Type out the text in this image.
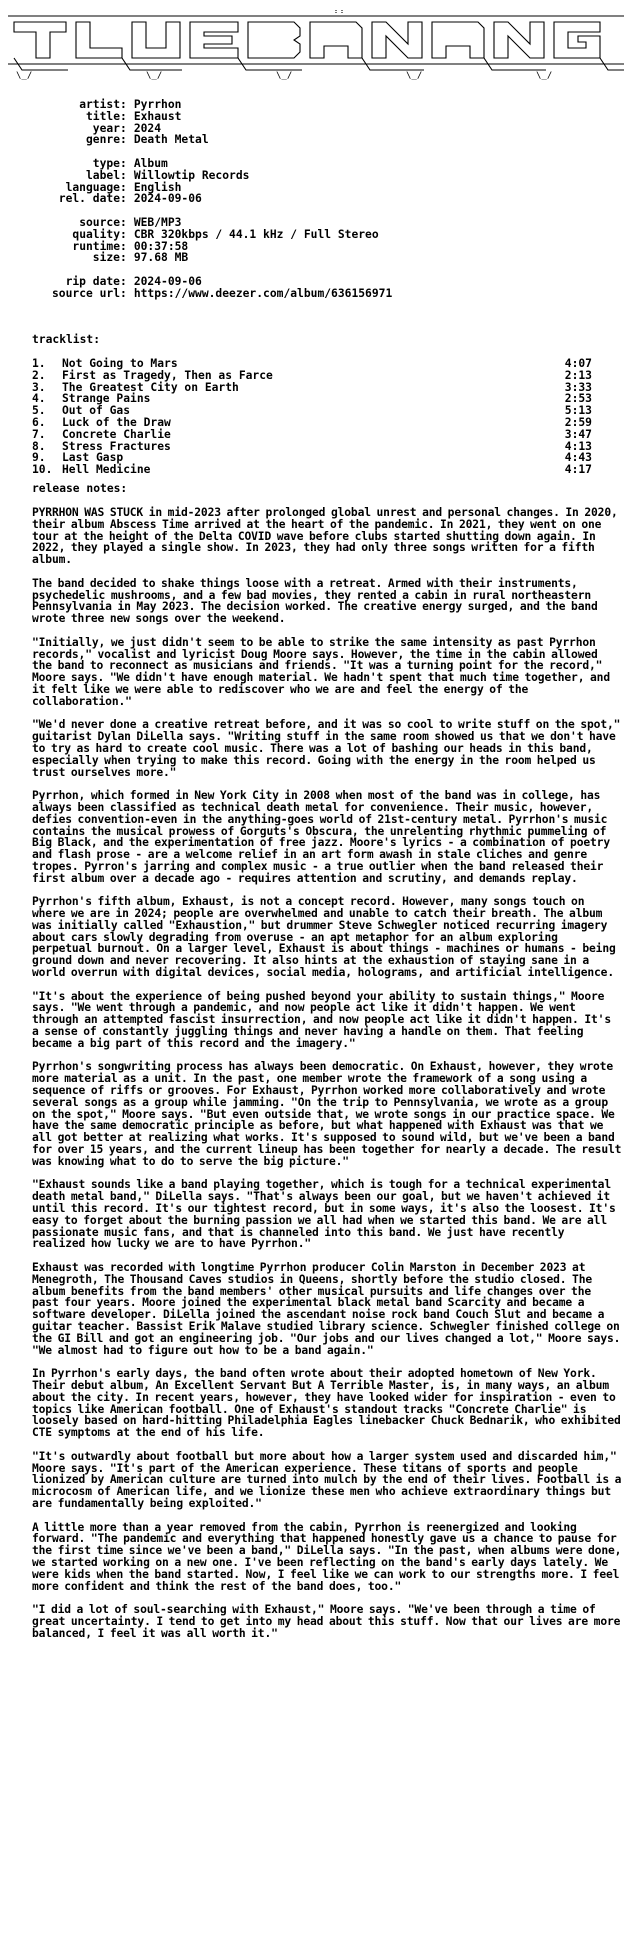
\_/	\_/	\_/	\_/	\_/
artist : Pyrrhon
title : Exhaust
year : 2024
genre : Death Metal
type : Album
label : Willowtip Records
language : English
rel. date : 2024-09-06
source : WEB/MP3
quality : CBR 320kbps / 44.1 kHz / Full Stereo
runtime : 00:37:58
size : 97.68 MB
rip date : 2024-09-06
source url : https://www.deezer.com/album/636156971
tracklist:
1.	Not Going to Mars	4:07
2.	First as Tragedy, Then as Farce	2:13
3.	The Greatest City on Earth	3:33
4.	Strange Pains	2:53
5.	Out of Gas	5:13
6.	Luck of the Draw	2:59
7.	Concrete Charlie	3:47
8.	Stress Fractures	4:13
9.	Last Gasp	4:43
10. Hell Medicine	4:17
release notes:

PYRRHON WAS STUCK in mid-2023 after prolonged global unrest and personal changes. In 2020, their album Abscess Time arrived at the heart of the pandemic. In 2021, they went on one tour at the height of the Delta COVID wave before clubs started shutting down again. In 2022, they played a single show. In 2023, they had only three songs written for a fifth album.

The band decided to shake things loose with a retreat. Armed with their instruments, psychedelic mushrooms, and a few bad movies, they rented a cabin in rural northeastern Pennsylvania in May 2023. The decision worked. The creative energy surged, and the band wrote three new songs over the weekend.

"Initially, we just didn't seem to be able to strike the same intensity as past Pyrrhon records," vocalist and lyricist Doug Moore says. However, the time in the cabin allowed the band to reconnect as musicians and friends. "It was a turning point for the record," Moore says. "We didn't have enough material. We hadn't spent that much time together, and it felt like we were able to rediscover who we are and feel the energy of the collaboration."

"We'd never done a creative retreat before, and it was so cool to write stuff on the spot," guitarist Dylan DiLella says. "Writing stuff in the same room showed us that we don't have to try as hard to create cool music. There was a lot of bashing our heads in this band, especially when trying to make this record. Going with the energy in the room helped us trust ourselves more."

Pyrrhon, which formed in New York City in 2008 when most of the band was in college, has always been classified as technical death metal for convenience. Their music, however, defies convention-even in the anything-goes world of 21st-century metal. Pyrrhon's music contains the musical prowess of Gorguts's Obscura, the unrelenting rhythmic pummeling of Big Black, and the experimentation of free jazz. Moore's lyrics - a combination of poetry and flash prose - are a welcome relief in an art form awash in stale cliches and genre tropes. Pyrron's jarring and complex music - a true outlier when the band released their first album over a decade ago - requires attention and scrutiny, and demands replay.

Pyrrhon's fifth album, Exhaust, is not a concept record. However, many songs touch on where we are in 2024; people are overwhelmed and unable to catch their breath. The album was initially called "Exhaustion," but drummer Steve Schwegler noticed recurring imagery about cars slowly degrading from overuse - an apt metaphor for an album exploring perpetual burnout. On a larger level, Exhaust is about things - machines or humans - being ground down and never recovering. It also hints at the exhaustion of staying sane in a world overrun with digital devices, social media, holograms, and artificial intelligence.

"It's about the experience of being pushed beyond your ability to sustain things," Moore says. "We went through a pandemic, and now people act like it didn't happen. We went through an attempted fascist insurrection, and now people act like it didn't happen. It's a sense of constantly juggling things and never having a handle on them. That feeling became a big part of this record and the imagery."

Pyrrhon's songwriting process has always been democratic. On Exhaust, however, they wrote more material as a unit. In the past, one member wrote the framework of a song using a sequence of riffs or grooves. For Exhaust, Pyrrhon worked more collaboratively and wrote several songs as a group while jamming. "On the trip to Pennsylvania, we wrote as a group on the spot," Moore says. "But even outside that, we wrote songs in our practice space. We have the same democratic principle as before, but what happened with Exhaust was that we all got better at realizing what works. It's supposed to sound wild, but we've been a band for over 15 years, and the current lineup has been together for nearly a decade. The result was knowing what to do to serve the big picture."

"Exhaust sounds like a band playing together, which is tough for a technical experimental death metal band," DiLella says. "That's always been our goal, but we haven't achieved it until this record. It's our tightest record, but in some ways, it's also the loosest. It's easy to forget about the burning passion we all had when we started this band. We are all passionate music fans, and that is channeled into this band. We just have recently realized how lucky we are to have Pyrrhon."

Exhaust was recorded with longtime Pyrrhon producer Colin Marston in December 2023 at Menegroth, The Thousand Caves studios in Queens, shortly before the studio closed. The album benefits from the band members' other musical pursuits and life changes over the past four years. Moore joined the experimental black metal band Scarcity and became a software developer. DiLella joined the ascendant noise rock band Couch Slut and became a guitar teacher. Bassist Erik Malave studied library science. Schwegler finished college on the GI Bill and got an engineering job. "Our jobs and our lives changed a lot," Moore says. "We almost had to figure out how to be a band again."

In Pyrrhon's early days, the band often wrote about their adopted hometown of New York. Their debut album, An Excellent Servant But A Terrible Master, is, in many ways, an album about the city. In recent years, however, they have looked wider for inspiration - even to topics like American football. One of Exhaust's standout tracks "Concrete Charlie" is loosely based on hard-hitting Philadelphia Eagles linebacker Chuck Bednarik, who exhibited CTE symptoms at the end of his life.

"It's outwardly about football but more about how a larger system used and discarded him," Moore says. "It's part of the American experience. These titans of sports and people lionized by American culture are turned into mulch by the end of their lives. Football is a microcosm of American life, and we lionize these men who achieve extraordinary things but are fundamentally being exploited."

A little more than a year removed from the cabin, Pyrrhon is reenergized and looking forward. "The pandemic and everything that happened honestly gave us a chance to pause for the first time since we've been a band," DiLella says. "In the past, when albums were done, we started working on a new one. I've been reflecting on the band's early days lately. We were kids when the band started. Now, I feel like we can work to our strengths more. I feel more confident and think the rest of the band does, too."

"I did a lot of soul-searching with Exhaust," Moore says. "We've been through a time of great uncertainty. I tend to get into my head about this stuff. Now that our lives are more balanced, I feel it was all worth it."
